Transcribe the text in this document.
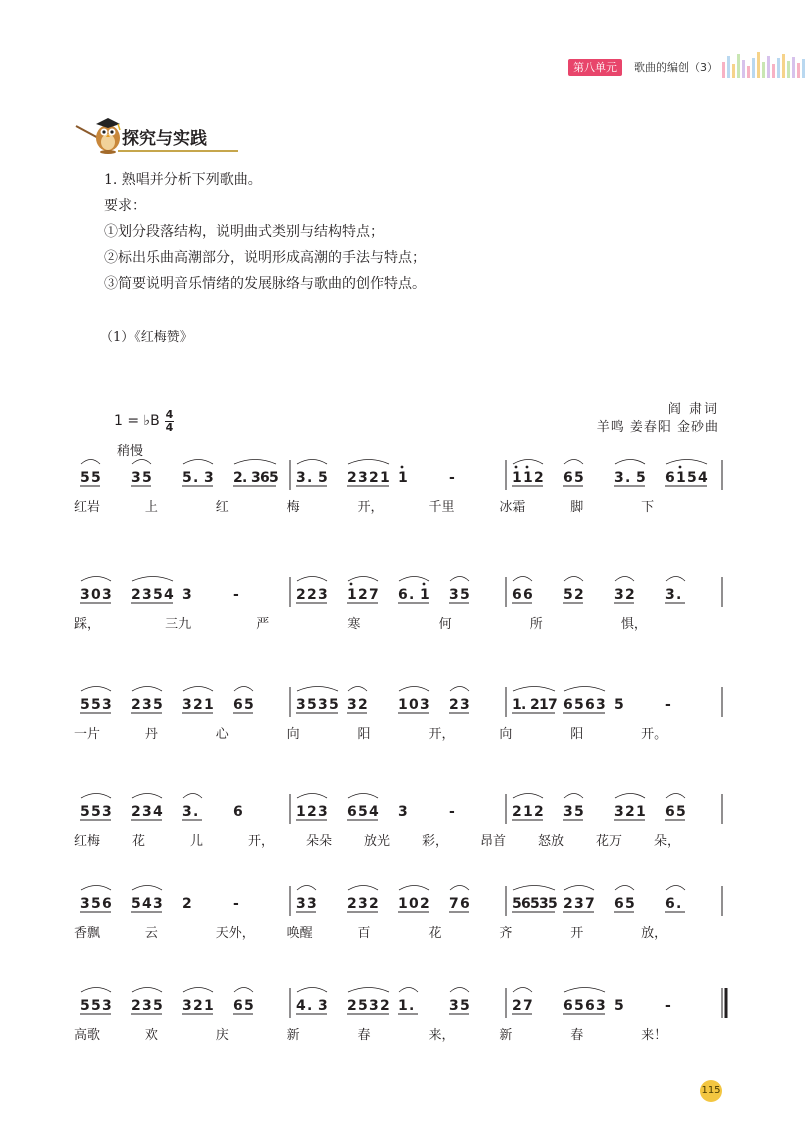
第八单元	歌曲的编创（3）
探究与实践
1. 熟唱并分析下列歌曲。
要求：
①划分段落结构，说明曲式类别与结构特点；
②标出乐曲高潮部分，说明形成高潮的手法与特点；
③简要说明音乐情绪的发展脉络与歌曲的创作特点。
（1）《红梅赞》
阎 肃词
羊鸣 姜春阳 金砂曲
1 = ♭B 4
4
稍慢
5 5 3 5 5 . 3 2 . 3 6 5 3 . 5 2 3 2 1 1	-	1 1 2 6 5 3 . 5 6 1 5 4
红岩	上	红	梅	开，	千里	冰霜	脚	下
3 0 3 2 3 5 4 3	-	2 2 3 1 2 7 6 . 1 3 5	6 6 5 2 3 2 3 .
踩，	三九	严	寒	何	所	惧，
5 5 3 2 3 5 3 2 1 6 5	3 5 3 5 3 2 1 0 3 2 3	1 . 2 1 7 6 5 6 3 5	-
一片	丹	心	向	阳	开，	向	阳	开。
5 5 3 2 3 4 3 . 6	1 2 3 6 5 4 3	-	2 1 2 3 5 3 2 1 6 5
红梅 花	儿	开， 朵朵 放光 彩， 昂首 怒放 花万 朵，
3 5 6 5 4 3 2	-	3 3 2 3 2 1 0 2 7 6	5 6 5 3 5 2 3 7 6 5 6 .
香飘	云	天外， 唤醒	百	花	齐	开	放，
5 5 3 2 3 5 3 2 1 6 5	4 . 3 2 5 3 2 1 . 3 5	2 7 6 5 6 3 5	-
高歌	欢	庆	新	春	来，	新	春	来！
115
